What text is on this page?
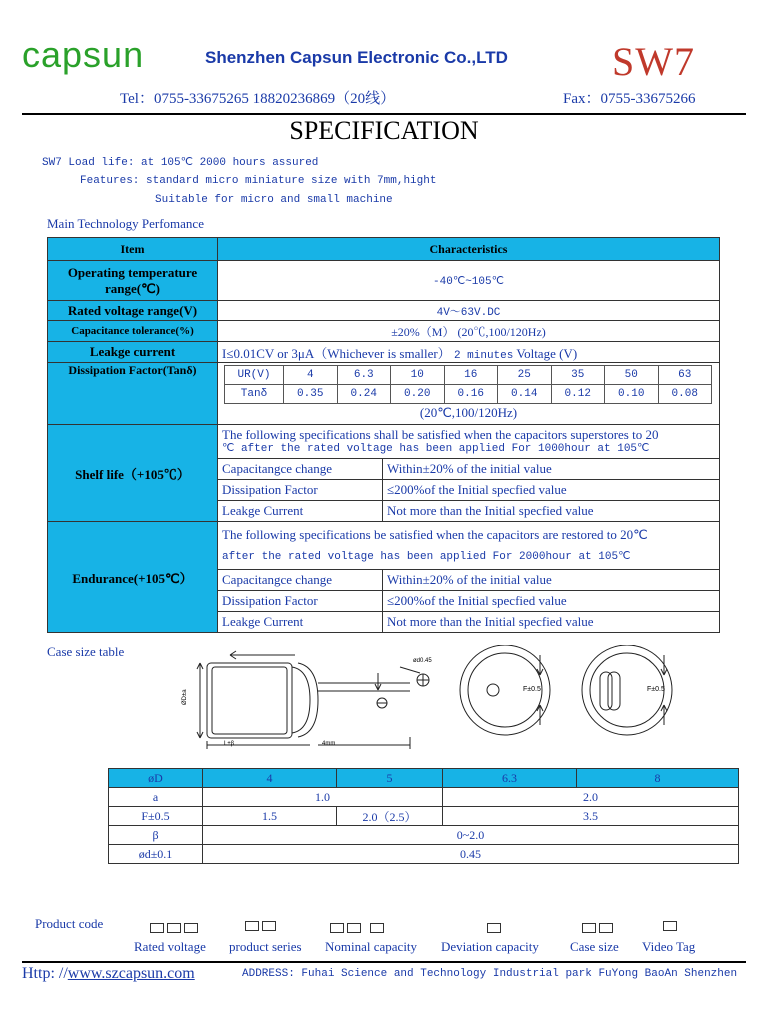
capsun	Shenzhen Capsun Electronic Co.,LTD	SW7
Tel：0755-33675265 18820236869（20线）	Fax：0755-33675266
SPECIFICATION
SW7 Load life: at 105℃ 2000 hours assured
Features: standard micro miniature size with 7mm,hight
Suitable for micro and small machine
Main Technology Perfomance
Item	Characteristics
Operating temperature range(℃)	-40℃~105℃
Rated voltage range(V)	4V～63V.DC
Capacitance tolerance(%)	±20%（M） (20℃,100/120Hz)
Leakge current	I≤0.01CV or 3μA（Whichever is smaller） 2 minutes Voltage (V)
Dissipation Factor(Tanδ)		UR(V)	4	6.3	10	16	25	35	50	63
Tanδ	0.35	0.24	0.20	0.16	0.14	0.12	0.10	0.08
(20℃,100/120Hz)

Shelf life（+105℃）	
The following specifications shall be satisfied when the capacitors superstores to 20
℃ after the rated voltage has been applied For 1000hour at 105℃

Capacitangce change	Within±20% of the initial value
Dissipation Factor	≤200%of the Initial specfied value
Leakge Current	Not more than the Initial specfied value
Endurance(+105℃）	
The following specifications be satisfied when the capacitors are restored to 20℃
after the rated voltage has been applied For 2000hour at 105℃

Capacitangce change	Within±20% of the initial value
Dissipation Factor	≤200%of the Initial specfied value
Leakge Current	Not more than the Initial specfied value
Case size table
ød0.45
F±0.5	F±0.5
L±β	4mm
ØD±a
øD	4	5	6.3	8
a	1.0		2.0	
F±0.5	1.5	2.0（2.5）	3.5	
β	0~2.0			
ød±0.1	0.45			
Product code
Rated voltage product series Nominal capacity Deviation capacity Case size Video Tag
Http: //www.szcapsun.com	ADDRESS: Fuhai Science and Technology Industrial park FuYong BaoAn Shenzhen
